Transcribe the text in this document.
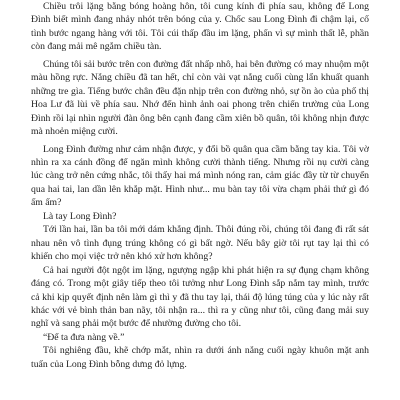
Chiều trôi lặng bằng bóng hoàng hôn, tôi cung kính đi phía sau, không để Long Đình biết mình đang nhảy nhót trên bóng của y. Chốc sau Long Đình đi chậm lại, cố tình bước ngang hàng với tôi. Tôi cúi thấp đầu im lặng, phấn vì sự mình thất lễ, phần còn đang mải mê ngắm chiều tàn.

Chúng tôi sải bước trên con đường đất nhấp nhô, hai bên đường có may nhuộm một màu hồng rực. Nắng chiều đã tan hết, chỉ còn vài vạt nắng cuối cùng lẩn khuất quanh những tre gìa. Tiếng bước chân đều đặn nhịp trên con đường nhỏ, sự ồn ào của phố thị Hoa Lư đã lùi về phía sau. Nhớ đến hình ảnh oai phong trên chiến trường của Long Đình rồi lại nhìn người đàn ông bên cạnh đang cầm xiên bồ quân, tôi không nhịn được mà nhoẻn miệng cười.

Long Đình đường như cảm nhận được, y đổi bồ quân qua cầm bằng tay kia. Tôi vờ nhìn ra xa cánh đồng để ngăn mình không cười thành tiếng. Nhưng rồi nụ cười càng lúc càng trở nên cứng nhắc, tôi thấy hai má mình nóng ran, cảm giác đầy từ từ chuyển qua hai tai, lan dần lên khắp mặt. Hình như... mu bàn tay tôi vừa chạm phải thứ gì đó ấm ấm?

Là tay Long Đình?

Tới lần hai, lần ba tôi mới dám khẳng định. Thôi đúng rồi, chúng tôi đang đi rất sát nhau nên vô tình đụng trúng không có gì bất ngờ. Nếu bây giờ tôi rụt tay lại thì có khiến cho mọi việc trở nên khó xử hơn không?

Cả hai người đột ngột im lặng, ngượng ngập khi phát hiện ra sự đụng chạm không đáng có. Trong một giây tiếp theo tôi tưởng như Long Đình sắp nắm tay mình, trước cả khi kịp quyết định nên làm gì thì y đã thu tay lại, thái độ lúng túng của y lúc này rất khác với vẻ bình thản ban nãy, tôi nhận ra... thì ra y cũng như tôi, cũng đang mải suy nghĩ và sang phải một bước để nhường đường cho tôi.

“Để ta đưa nàng về.”

Tôi nghiêng đầu, khẽ chớp mắt, nhìn ra dưới ánh nắng cuối ngày khuôn mặt anh tuấn của Long Đình bỗng dưng đỏ lựng.
